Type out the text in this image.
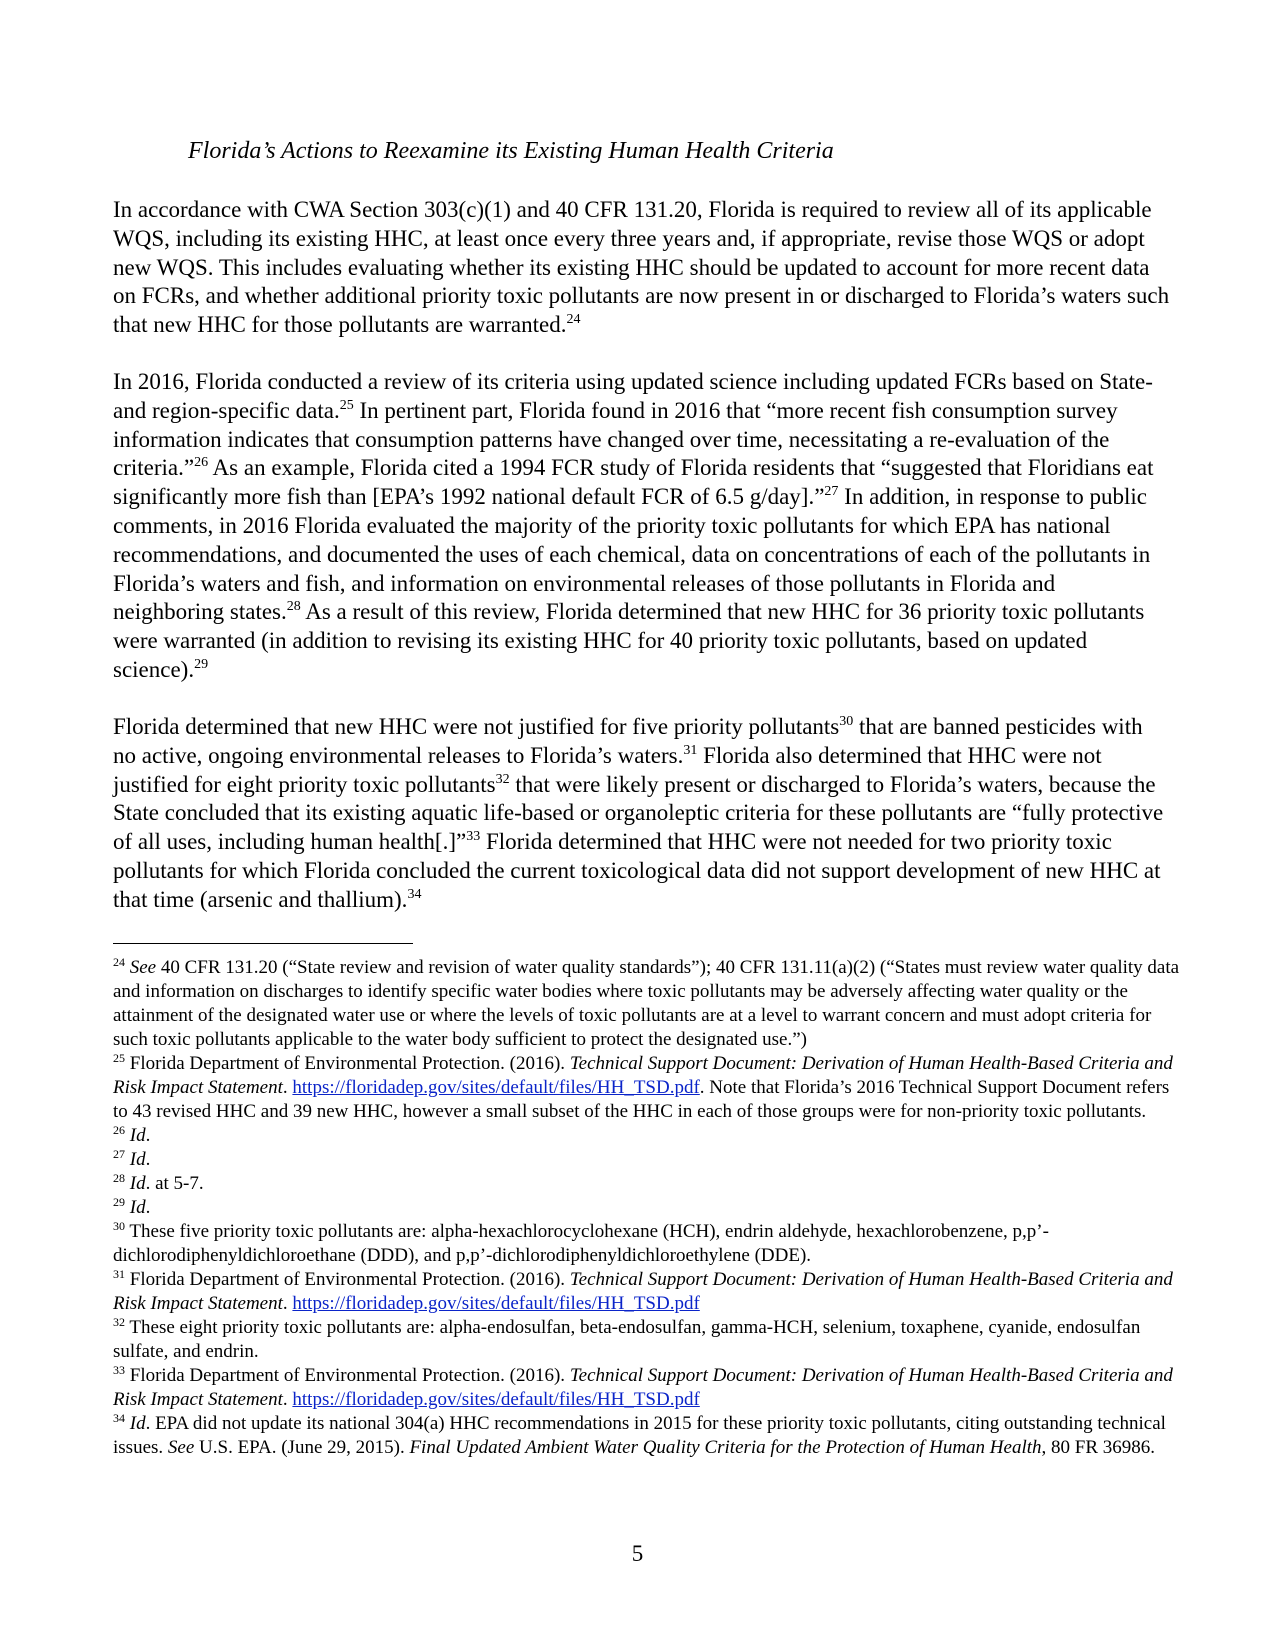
Florida’s Actions to Reexamine its Existing Human Health Criteria

In accordance with CWA Section 303(c)(1) and 40 CFR 131.20, Florida is required to review all of its applicable WQS, including its existing HHC, at least once every three years and, if appropriate, revise those WQS or adopt new WQS. This includes evaluating whether its existing HHC should be updated to account for more recent data on FCRs, and whether additional priority toxic pollutants are now present in or discharged to Florida’s waters such that new HHC for those pollutants are warranted.$^{24}$

In 2016, Florida conducted a review of its criteria using updated science including updated FCRs based on State- and region-specific data.$^{25}$ In pertinent part, Florida found in 2016 that “more recent fish consumption survey information indicates that consumption patterns have changed over time, necessitating a re-evaluation of the criteria.”$^{26}$ As an example, Florida cited a 1994 FCR study of Florida residents that “suggested that Floridians eat significantly more fish than [EPA’s 1992 national default FCR of 6.5 g/day].”$^{27}$ In addition, in response to public comments, in 2016 Florida evaluated the majority of the priority toxic pollutants for which EPA has national recommendations, and documented the uses of each chemical, data on concentrations of each of the pollutants in Florida’s waters and fish, and information on environmental releases of those pollutants in Florida and neighboring states.$^{28}$ As a result of this review, Florida determined that new HHC for 36 priority toxic pollutants were warranted (in addition to revising its existing HHC for 40 priority toxic pollutants, based on updated science).$^{29}$

Florida determined that new HHC were not justified for five priority pollutants$^{30}$ that are banned pesticides with no active, ongoing environmental releases to Florida’s waters.$^{31}$ Florida also determined that HHC were not justified for eight priority toxic pollutants$^{32}$ that were likely present or discharged to Florida’s waters, because the State concluded that its existing aquatic life-based or organoleptic criteria for these pollutants are “fully protective of all uses, including human health[.]”$^{33}$ Florida determined that HHC were not needed for two priority toxic pollutants for which Florida concluded the current toxicological data did not support development of new HHC at that time (arsenic and thallium).$^{34}$

$^{24}$ See 40 CFR 131.20 (“State review and revision of water quality standards”); 40 CFR 131.11(a)(2) (“States must review water quality data and information on discharges to identify specific water bodies where toxic pollutants may be adversely affecting water quality or the attainment of the designated water use or where the levels of toxic pollutants are at a level to warrant concern and must adopt criteria for such toxic pollutants applicable to the water body sufficient to protect the designated use.”)

$^{25}$ Florida Department of Environmental Protection. (2016). Technical Support Document: Derivation of Human Health-Based Criteria and Risk Impact Statement. https://floridadep.gov/sites/default/files/HH_TSD.pdf. Note that Florida’s 2016 Technical Support Document refers to 43 revised HHC and 39 new HHC, however a small subset of the HHC in each of those groups were for non-priority toxic pollutants.

$^{26}$ Id.

$^{27}$ Id.

$^{28}$ Id. at 5-7.

$^{29}$ Id.

$^{30}$ These five priority toxic pollutants are: alpha-hexachlorocyclohexane (HCH), endrin aldehyde, hexachlorobenzene, p,p’-dichlorodiphenyldichloroethane (DDD), and p,p’-dichlorodiphenyldichloroethylene (DDE).

$^{31}$ Florida Department of Environmental Protection. (2016). Technical Support Document: Derivation of Human Health-Based Criteria and Risk Impact Statement. https://floridadep.gov/sites/default/files/HH_TSD.pdf

$^{32}$ These eight priority toxic pollutants are: alpha-endosulfan, beta-endosulfan, gamma-HCH, selenium, toxaphene, cyanide, endosulfan sulfate, and endrin.

$^{33}$ Florida Department of Environmental Protection. (2016). Technical Support Document: Derivation of Human Health-Based Criteria and Risk Impact Statement. https://floridadep.gov/sites/default/files/HH_TSD.pdf

$^{34}$ Id. EPA did not update its national 304(a) HHC recommendations in 2015 for these priority toxic pollutants, citing outstanding technical issues. See U.S. EPA. (June 29, 2015). Final Updated Ambient Water Quality Criteria for the Protection of Human Health, 80 FR 36986.

5
